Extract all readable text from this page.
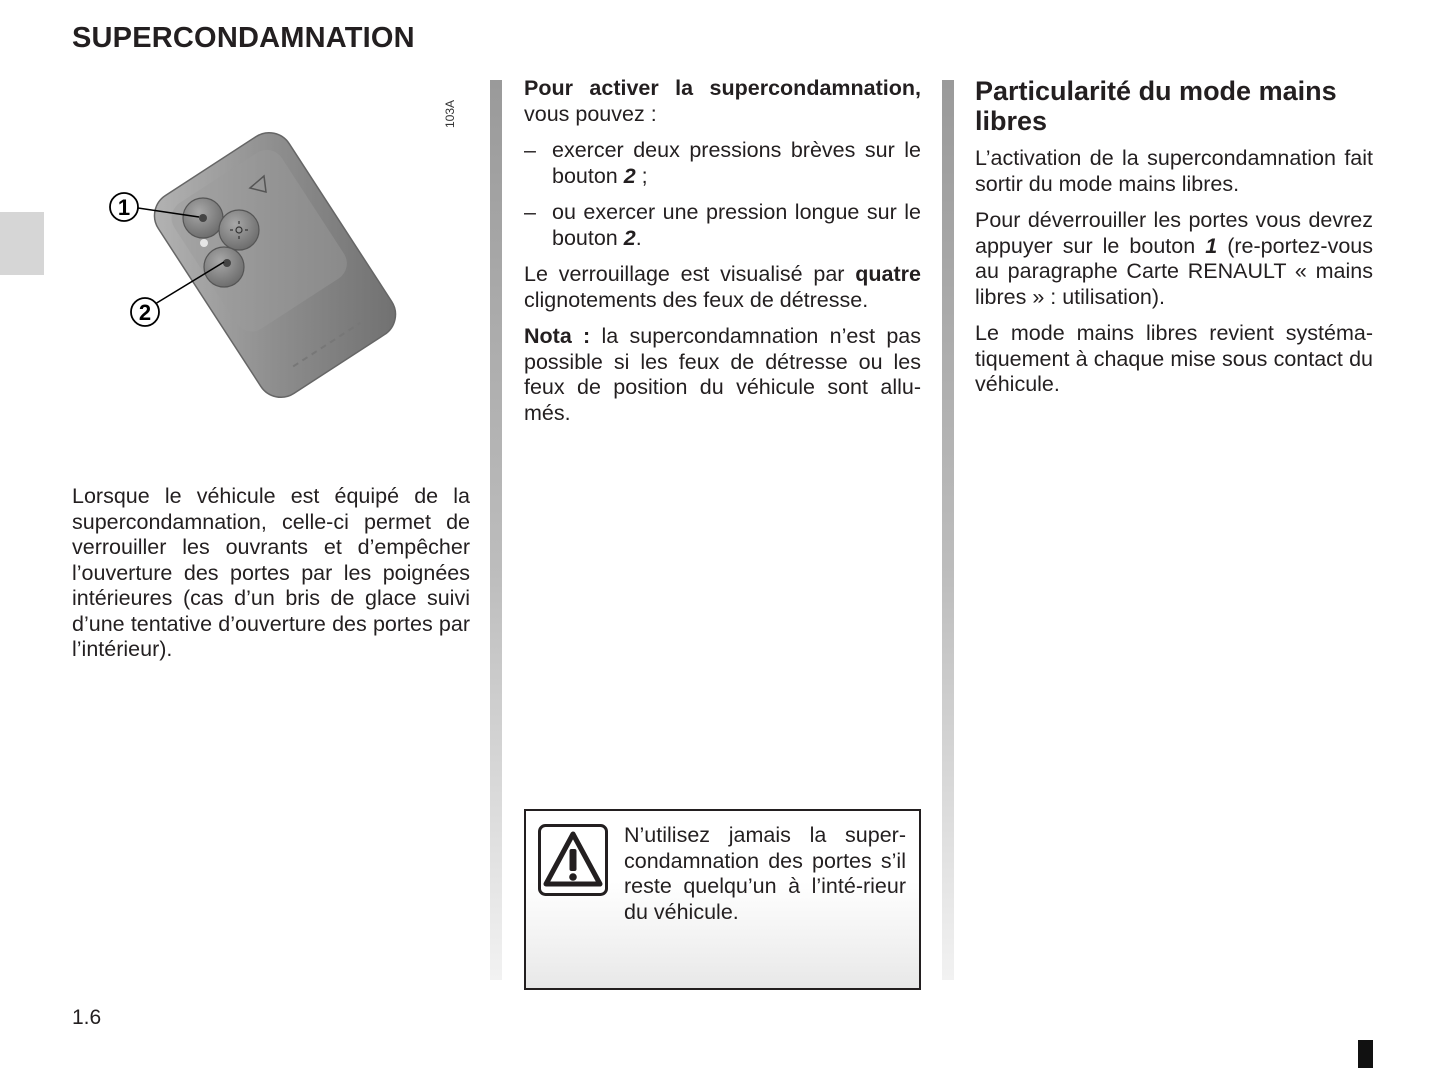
SUPERCONDAMNATION
103A
1
2

Lorsque le véhicule est équipé de la supercondamnation, celle-ci permet de verrouiller les ouvrants et d’empêcher l’ouverture des portes par les poignées intérieures (cas d’un bris de glace suivi d’une tentative d’ouverture des portes par l’intérieur).

Pour activer la supercondamnation, vous pouvez :

– exercer deux pressions brèves sur le bouton 2 ;
– ou exercer une pression longue sur le bouton 2.

Le verrouillage est visualisé par quatre clignotements des feux de détresse.

Nota : la supercondamnation n’est pas possible si les feux de détresse ou les feux de position du véhicule sont allu-més.

N’utilisez jamais la super-condamnation des portes s’il reste quelqu’un à l’inté-rieur du véhicule.
Particularité du mode mains libres

L’activation de la supercondamnation fait sortir du mode mains libres.

Pour déverrouiller les portes vous devrez appuyer sur le bouton 1 (re-portez-vous au paragraphe Carte RENAULT « mains libres » : utilisation).

Le mode mains libres revient systéma-tiquement à chaque mise sous contact du véhicule.

1.6
